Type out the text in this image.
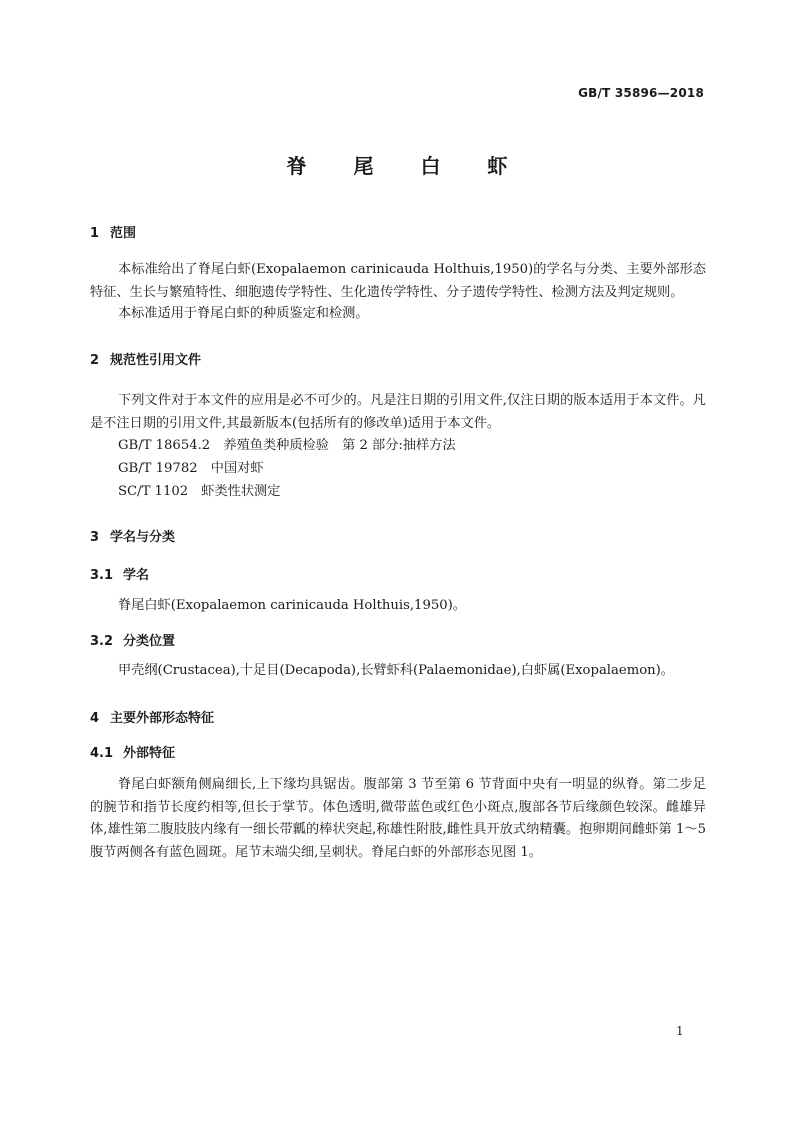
GB/T 35896—2018
脊 尾 白 虾
1 范围
本标准给出了脊尾白虾(Exopalaemon carinicauda Holthuis,1950)的学名与分类、主要外部形态特征、生长与繁殖特性、细胞遗传学特性、生化遗传学特性、分子遗传学特性、检测方法及判定规则。
本标准适用于脊尾白虾的种质鉴定和检测。
2 规范性引用文件
下列文件对于本文件的应用是必不可少的。凡是注日期的引用文件,仅注日期的版本适用于本文件。凡是不注日期的引用文件,其最新版本(包括所有的修改单)适用于本文件。
GB/T 18654.2　养殖鱼类种质检验　第 2 部分:抽样方法
GB/T 19782　中国对虾
SC/T 1102　虾类性状测定
3 学名与分类
3.1 学名
脊尾白虾(Exopalaemon carinicauda Holthuis,1950)。
3.2 分类位置
甲壳纲(Crustacea),十足目(Decapoda),长臂虾科(Palaemonidae),白虾属(Exopalaemon)。
4 主要外部形态特征
4.1 外部特征
脊尾白虾额角侧扁细长,上下缘均具锯齿。腹部第 3 节至第 6 节背面中央有一明显的纵脊。第二步足的腕节和指节长度约相等,但长于掌节。体色透明,微带蓝色或红色小斑点,腹部各节后缘颜色较深。雌雄异体,雄性第二腹肢肢内缘有一细长带瓤的棒状突起,称雄性附肢,雌性具开放式纳精囊。抱卵期间雌虾第 1～5 腹节两侧各有蓝色圆斑。尾节末端尖细,呈刺状。脊尾白虾的外部形态见图 1。
1
